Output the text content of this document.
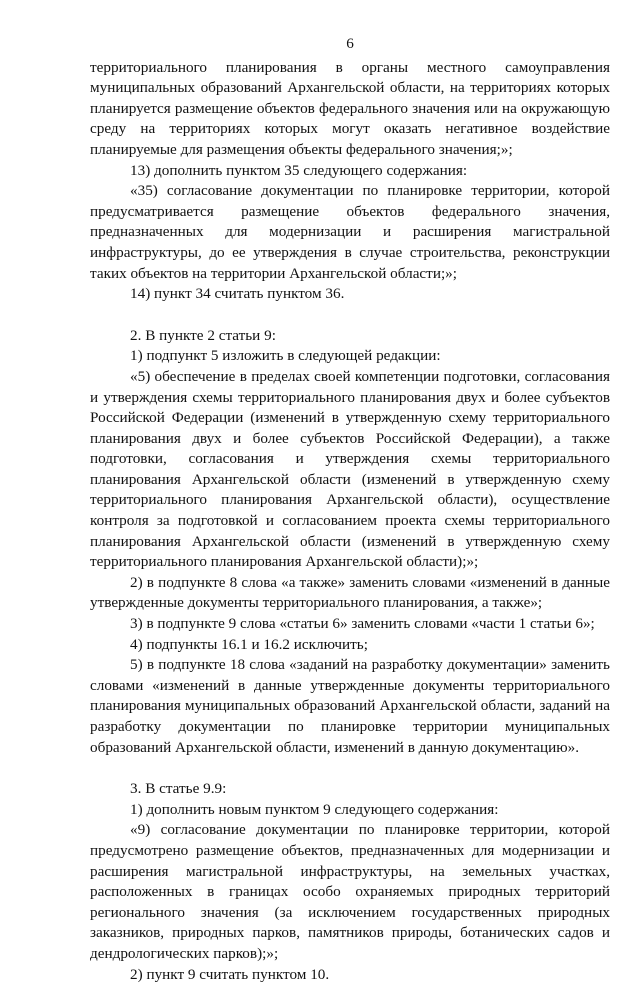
6

территориального планирования в органы местного самоуправления муниципальных образований Архангельской области, на территориях которых планируется размещение объектов федерального значения или на окружающую среду на территориях которых могут оказать негативное воздействие планируемые для размещения объекты федерального значения;»;

13) дополнить пунктом 35 следующего содержания:

«35) согласование документации по планировке территории, которой предусматривается размещение объектов федерального значения, предназначенных для модернизации и расширения магистральной инфраструктуры, до ее утверждения в случае строительства, реконструкции таких объектов на территории Архангельской области;»;

14) пункт 34 считать пунктом 36.

2. В пункте 2 статьи 9:

1) подпункт 5 изложить в следующей редакции:

«5) обеспечение в пределах своей компетенции подготовки, согласования и утверждения схемы территориального планирования двух и более субъектов Российской Федерации (изменений в утвержденную схему территориального планирования двух и более субъектов Российской Федерации), а также подготовки, согласования и утверждения схемы территориального планирования Архангельской области (изменений в утвержденную схему территориального планирования Архангельской области), осуществление контроля за подготовкой и согласованием проекта схемы территориального планирования Архангельской области (изменений в утвержденную схему территориального планирования Архангельской области);»;

2) в подпункте 8 слова «а также» заменить словами «изменений в данные утвержденные документы территориального планирования, а также»;

3) в подпункте 9 слова «статьи 6» заменить словами «части 1 статьи 6»;

4) подпункты 16.1 и 16.2 исключить;

5) в подпункте 18 слова «заданий на разработку документации» заменить словами «изменений в данные утвержденные документы территориального планирования муниципальных образований Архангельской области, заданий на разработку документации по планировке территории муниципальных образований Архангельской области, изменений в данную документацию».

3. В статье 9.9:

1) дополнить новым пунктом 9 следующего содержания:

«9) согласование документации по планировке территории, которой предусмотрено размещение объектов, предназначенных для модернизации и расширения магистральной инфраструктуры, на земельных участках, расположенных в границах особо охраняемых природных территорий регионального значения (за исключением государственных природных заказников, природных парков, памятников природы, ботанических садов и дендрологических парков);»;

2) пункт 9 считать пунктом 10.
